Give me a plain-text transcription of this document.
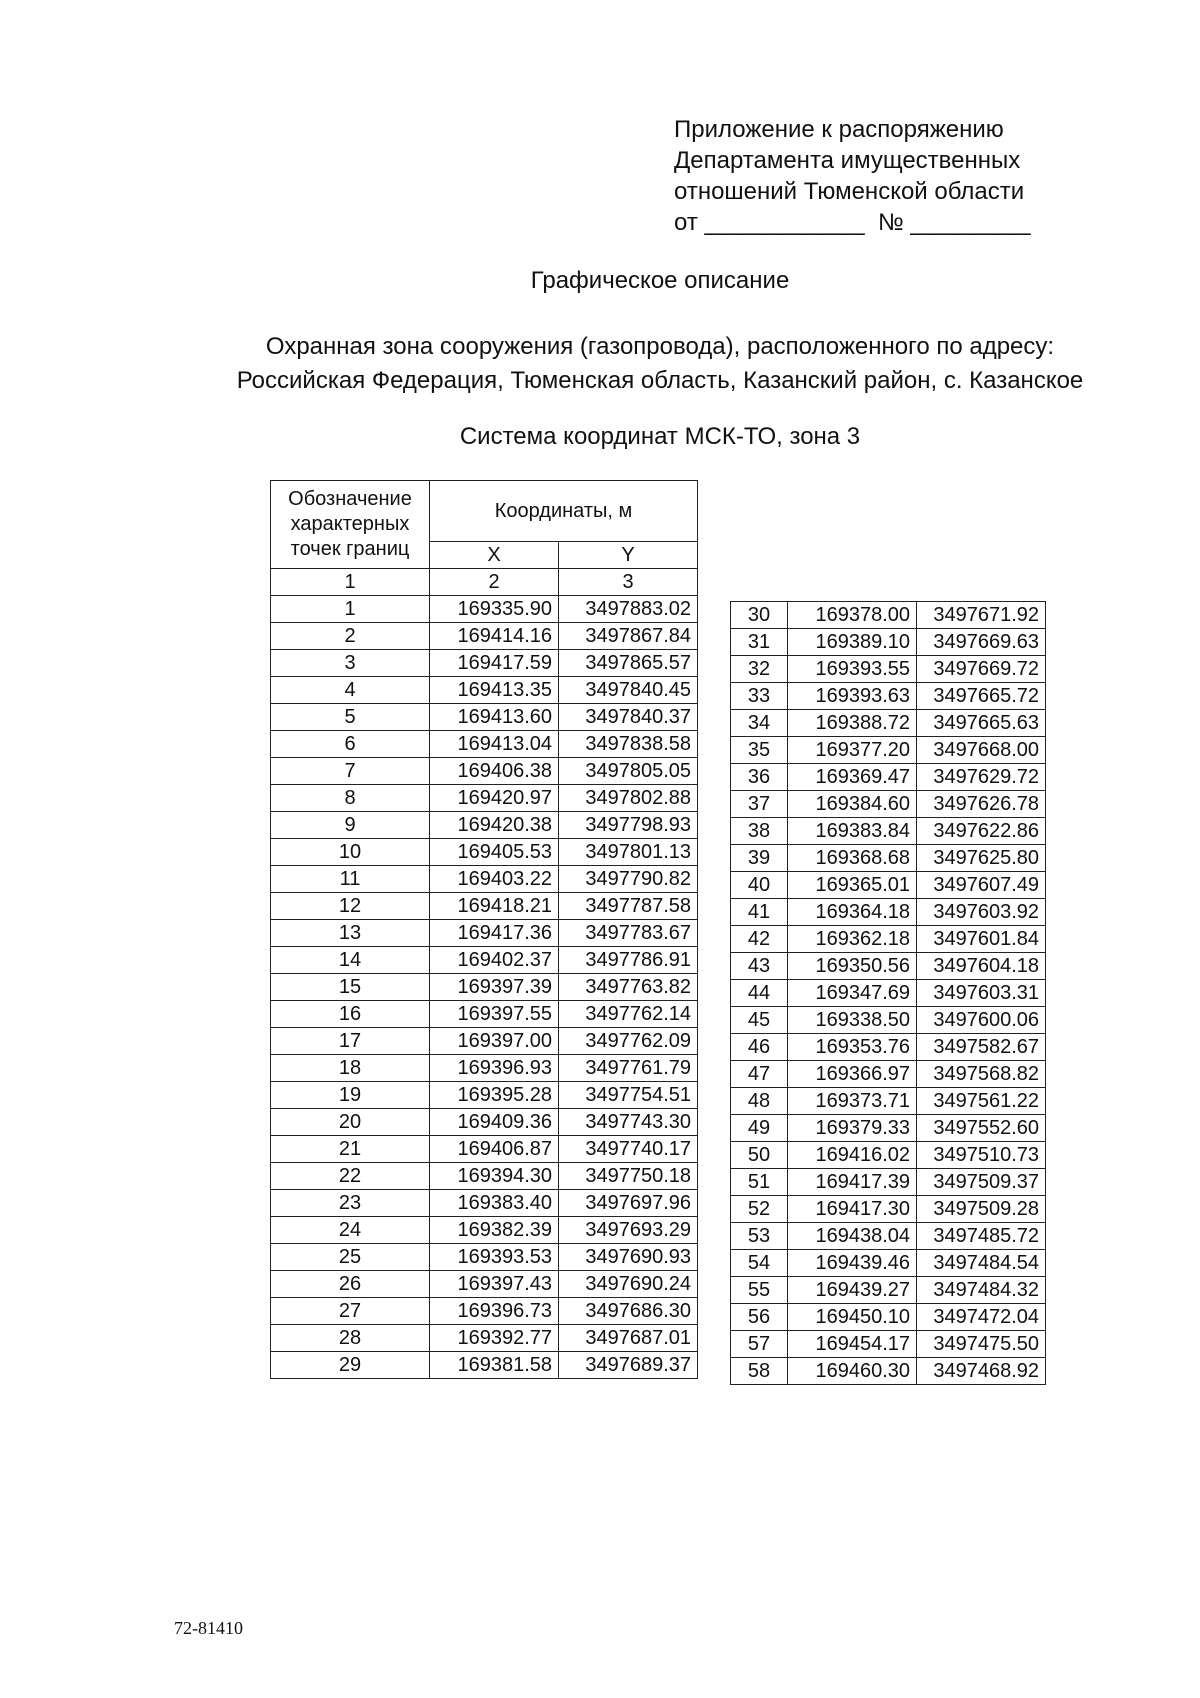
Приложение к распоряжению
Департамента имущественных
отношений Тюменской области
от ____________  № _________
Графическое описание
Охранная зона сооружения (газопровода), расположенного по адресу:
Российская Федерация, Тюменская область, Казанский район, с. Казанское
Система координат МСК-ТО, зона 3
Обозначение характерных точек границ	Координаты, м	
	X	Y
1	2	3
1	169335.90	3497883.02
2	169414.16	3497867.84
3	169417.59	3497865.57
4	169413.35	3497840.45
5	169413.60	3497840.37
6	169413.04	3497838.58
7	169406.38	3497805.05
8	169420.97	3497802.88
9	169420.38	3497798.93
10	169405.53	3497801.13
11	169403.22	3497790.82
12	169418.21	3497787.58
13	169417.36	3497783.67
14	169402.37	3497786.91
15	169397.39	3497763.82
16	169397.55	3497762.14
17	169397.00	3497762.09
18	169396.93	3497761.79
19	169395.28	3497754.51
20	169409.36	3497743.30
21	169406.87	3497740.17
22	169394.30	3497750.18
23	169383.40	3497697.96
24	169382.39	3497693.29
25	169393.53	3497690.93
26	169397.43	3497690.24
27	169396.73	3497686.30
28	169392.77	3497687.01
29	169381.58	3497689.37
30	169378.00	3497671.92
31	169389.10	3497669.63
32	169393.55	3497669.72
33	169393.63	3497665.72
34	169388.72	3497665.63
35	169377.20	3497668.00
36	169369.47	3497629.72
37	169384.60	3497626.78
38	169383.84	3497622.86
39	169368.68	3497625.80
40	169365.01	3497607.49
41	169364.18	3497603.92
42	169362.18	3497601.84
43	169350.56	3497604.18
44	169347.69	3497603.31
45	169338.50	3497600.06
46	169353.76	3497582.67
47	169366.97	3497568.82
48	169373.71	3497561.22
49	169379.33	3497552.60
50	169416.02	3497510.73
51	169417.39	3497509.37
52	169417.30	3497509.28
53	169438.04	3497485.72
54	169439.46	3497484.54
55	169439.27	3497484.32
56	169450.10	3497472.04
57	169454.17	3497475.50
58	169460.30	3497468.92
72-81410
